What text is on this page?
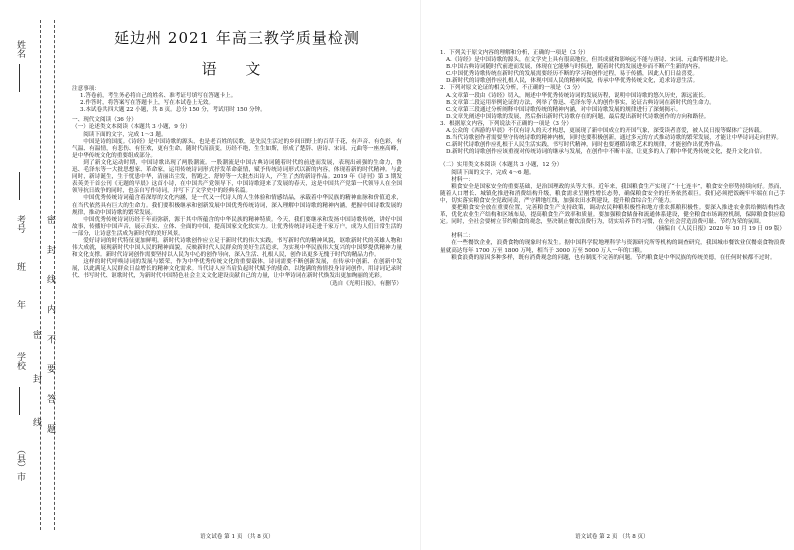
姓名
考号
班
年
学校
（县）市
密 封 线 内 不 要 答 题
密 封 线
延边州 2021 年高三教学质量检测
语 文

注意事项：

1.答卷前，考生务必将自己的姓名、准考证号填写在答题卡上。

2.作答时，将答案写在答题卡上，写在本试卷上无效。

3.本试卷共四大题 22 小题，共 8 页。总分 150 分，考试用时 150 分钟。

一、现代文阅读（36 分）

（一）论述类文本阅读（本题共 3 小题，9 分）

阅读下面的文字，完成 1～3 题。

中国是诗的国度。《诗经》是中国诗歌的源头，也是老百姓的民歌，是先民生活过的乡间田野上的百草千花，有声音、有色彩，有气温、有温情，有悲伤、有狂欢，更有生命。随时代而演变，历经不绝，生生如斯，形成了楚辞、唐诗、宋词、元曲等一座座高峰，是中华传统文化的重要组成部分。

到了新文化运动时期，中国诗歌出现了两股潮流。一股潮流是中国古典诗词随着时代的前进而发展，表现出顽强的生命力，鲁迅、毛泽东等一大批思想家、革命家，运用传统诗词形式抒发革命豪情，赋予传统诗词形式以新的内容，体现着新的时代精神。与此同时，新诗诞生，生于忧患中华，清丽出尘发，智跑之、舒婷等一大批杰出诗人，产生了杰的新诗作品。2019 年《诗刊》第 3 期发表英美干首公刊《无题的早晨》这首小诗，在中国共产党领导下，中国诗歌迎来了发展的春天，这是中国共产党第一代领导人在全国领导抗日战争的同时，也亲自写作诗词，并写下了文学史中的经典名篇。

中国优秀传统诗词蕴含着深厚的文化内涵，是一代又一代诗人的人生体验和情感结晶，承载着中华民族的精神血脉和价值追求，在当代依然具有巨大的生命力。我们要积极继承和创新发展中国优秀传统诗词，深入理解中国诗歌的精神内涵，把握中国诗歌发展的规律，推动中国诗歌的繁荣发展。

中国优秀传统诗词历经千年而弥新，源于其中所蕴含的中华民族的精神特质。今天，我们要继承和发扬中国诗歌传统，讲好中国故事，传播好中国声音，展示真实、立体、全面的中国，提高国家文化软实力。让优秀传统诗词走进千家万户，成为人们日常生活的一部分，让诗意生活成为新时代的美好风景。

爱好诗词的时代特征更加鲜明。新时代诗歌创作应立足于新时代的伟大实践，书写新时代的精神风貌，讴歌新时代的英雄人物和伟大成就，展现新时代中国人民的精神面貌，反映新时代人民群众的美好生活追求，为实现中华民族伟大复兴的中国梦提供精神力量和文化支撑。新时代诗词创作需要坚持以人民为中心的创作导向，深入生活、扎根人民，创作出更多无愧于时代的精品力作。

这样的时代呼唤诗词的发展与繁荣，作为中华优秀传统文化的重要载体，诗词需要不断创新发展，在传承中创新、在创新中发展，以此满足人民群众日益增长的精神文化需求。当代诗人应当肩负起时代赋予的使命，以饱满的热情投身诗词创作，用诗词记录时代、书写时代、讴歌时代，为新时代中国特色社会主义文化建设贡献自己的力量，让中华诗词在新时代焕发出更加绚丽的光彩。

（选自《光明日报》，有删节）

语文试卷 第 1 页 （共 8 页）

1．下列关于原文内容的理解和分析，正确的一项是（3 分）

A.《诗经》是中国诗歌的源头，在文学史上具有很高地位，但其成就和影响远不能与唐诗、宋词、元曲等相提并论。

B.中国古典诗词随时代前进而发展，体现在它能够与时俱进，随着时代的发展进步而不断产生新的内容。

C.中国优秀诗歌传统在新时代的发展需要经历不断的学习和创作过程，易于传播，因此人们日益喜爱。

D.新时代的诗歌创作应扎根人民，体现中国人民的精神风貌，传承中华优秀传统文化，追求诗意生活。

2．下列对原文论证的相关分析，不正确的一项是（3 分）

A.文章第一段由《诗经》切入，阐述中华优秀传统诗词的发展历程，说明中国诗歌的悠久历史，源远流长。

B.文章第二段运用举例论证的方法，列举了鲁迅、毛泽东等人的创作事实，论证古典诗词在新时代的生命力。

C.文章第三段通过分析阐释中国诗歌传统的精神内涵，对中国诗歌发展的规律进行了深刻揭示。

D.文章先阐述中国诗歌的发展，然后指出新时代诗歌存在的问题，最后提出新时代诗歌创作的方向和路径。

3．根据原文内容，下列说法不正确的一项是（3 分）

A.公众的《西游的早晨》不仅有诗人的天才构思，更展现了新中国成立的开国气象，深受读者喜爱，被人民日报等媒体广泛转载。

B.当代诗歌创作者需要坚守传统诗歌的精神内核，同时也要积极创新，通过多元的方式推动诗歌的繁荣发展，才能让中华诗词走向世界。

C.新时代诗歌创作应扎根于人民生活实践，书写时代精神，同时也要遵循诗歌艺术的规律，才能创作出优秀作品。

D.新时代的诗歌创作应该重视对传统诗词的继承与发展，在创作中不断丰富，让更多的人了解中华优秀传统文化，提升文化自信。

（二）实用类文本阅读（本题共 3 小题，12 分）

阅读下面的文字，完成 4～6 题。

材料一：

粮食安全是国家安全的重要基础，是治国理政的头等大事。近年来，我国粮食生产实现了“十七连丰”，粮食安全形势持续向好。然而，随着人口增长、城镇化推进和消费结构升级，粮食需求呈刚性增长态势，确保粮食安全的任务依然艰巨。我们必须把饭碗牢牢端在自己手中，切实落实粮食安全党政同责，严守耕地红线，加强农田水利建设，提升粮食综合生产能力。

要把粮食安全放在重要位置，完善粮食生产支持政策，调动农民种粮积极性和地方重农抓粮积极性。要深入推进农业供给侧结构性改革，优化农业生产结构和区域布局，提高粮食生产效率和质量。要加强粮食储备和流通体系建设，健全粮食市场调控机制，保障粮食供应稳定。同时，全社会要树立节约粮食的观念，坚决制止餐饮浪费行为，切实培养节约习惯，在全社会营造浪费可耻、节约为荣的氛围。

（摘编自《人民日报》2020 年 10 月 19 日 09 版）

材料二：

在一些餐饮企业，浪费食物的现象时有发生。据中国科学院地理科学与资源研究所等机构的调查研究，我国城市餐饮业仅餐桌食物浪费量就高达每年 1700 万至 1800 万吨，相当于 3000 万至 5000 万人一年的口粮。

粮食浪费的原因多种多样，既有消费观念的问题，也有制度不完善的问题。节约粮食是中华民族的传统美德，在任何时候都不过时。

语文试卷 第 2 页 （共 8 页）
